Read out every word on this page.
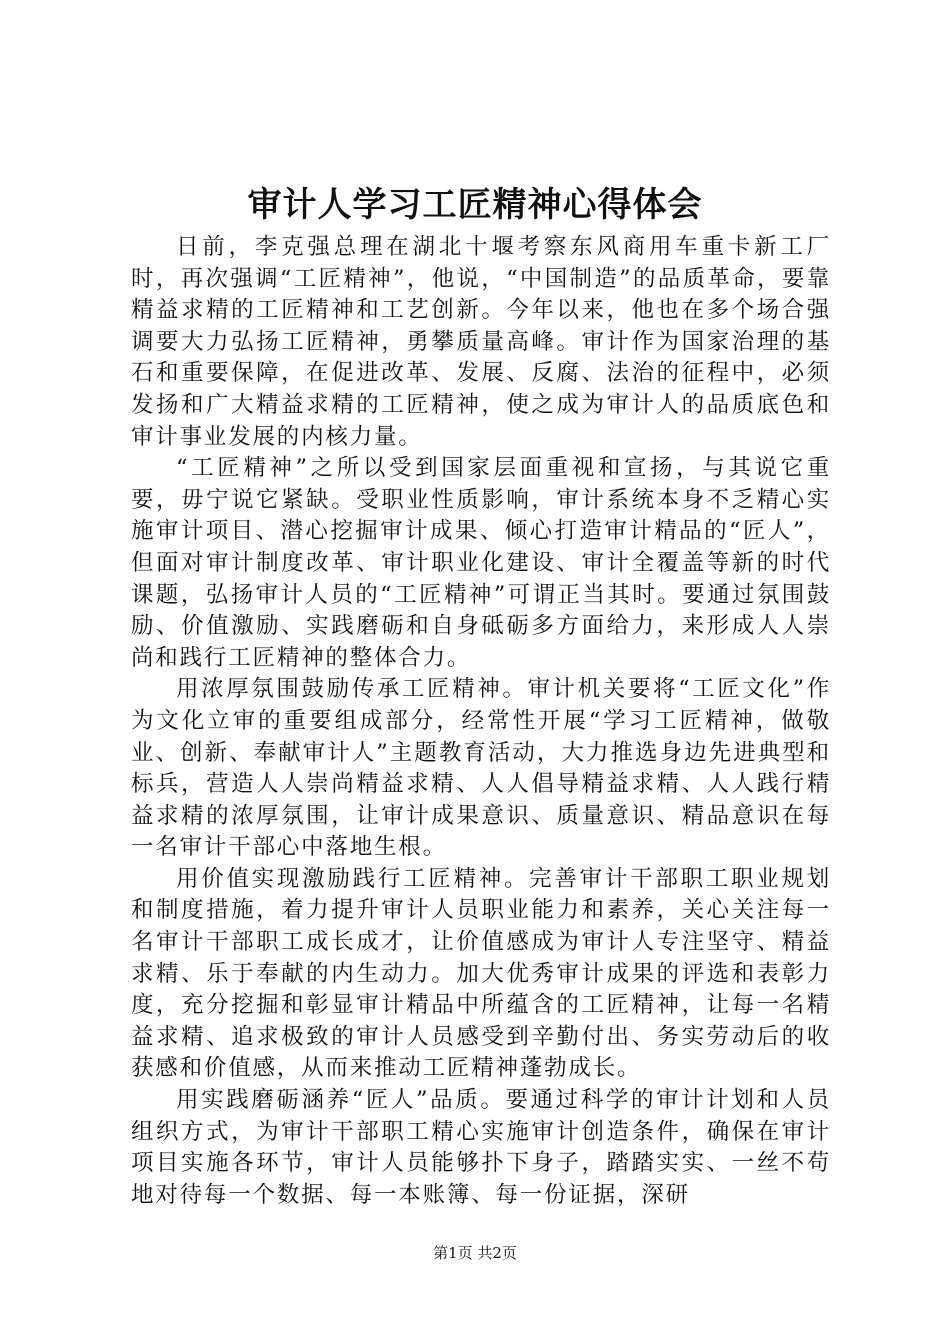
审计人学习工匠精神心得体会

日前，李克强总理在湖北十堰考察东风商用车重卡新工厂时，再次强调“工匠精神”，他说，“中国制造”的品质革命，要靠精益求精的工匠精神和工艺创新。今年以来，他也在多个场合强调要大力弘扬工匠精神，勇攀质量高峰。审计作为国家治理的基石和重要保障，在促进改革、发展、反腐、法治的征程中，必须发扬和广大精益求精的工匠精神，使之成为审计人的品质底色和审计事业发展的内核力量。

“工匠精神”之所以受到国家层面重视和宣扬，与其说它重要，毋宁说它紧缺。受职业性质影响，审计系统本身不乏精心实施审计项目、潜心挖掘审计成果、倾心打造审计精品的“匠人”，但面对审计制度改革、审计职业化建设、审计全覆盖等新的时代课题，弘扬审计人员的“工匠精神”可谓正当其时。要通过氛围鼓励、价值激励、实践磨砺和自身砥砺多方面给力，来形成人人崇尚和践行工匠精神的整体合力。

用浓厚氛围鼓励传承工匠精神。审计机关要将“工匠文化”作为文化立审的重要组成部分，经常性开展“学习工匠精神，做敬业、创新、奉献审计人”主题教育活动，大力推选身边先进典型和标兵，营造人人崇尚精益求精、人人倡导精益求精、人人践行精益求精的浓厚氛围，让审计成果意识、质量意识、精品意识在每一名审计干部心中落地生根。

用价值实现激励践行工匠精神。完善审计干部职工职业规划和制度措施，着力提升审计人员职业能力和素养，关心关注每一名审计干部职工成长成才，让价值感成为审计人专注坚守、精益求精、乐于奉献的内生动力。加大优秀审计成果的评选和表彰力度，充分挖掘和彰显审计精品中所蕴含的工匠精神，让每一名精益求精、追求极致的审计人员感受到辛勤付出、务实劳动后的收获感和价值感，从而来推动工匠精神蓬勃成长。

用实践磨砺涵养“匠人”品质。要通过科学的审计计划和人员组织方式，为审计干部职工精心实施审计创造条件，确保在审计项目实施各环节，审计人员能够扑下身子，踏踏实实、一丝不苟地对待每一个数据、每一本账簿、每一份证据，深研

第1页 共2页
